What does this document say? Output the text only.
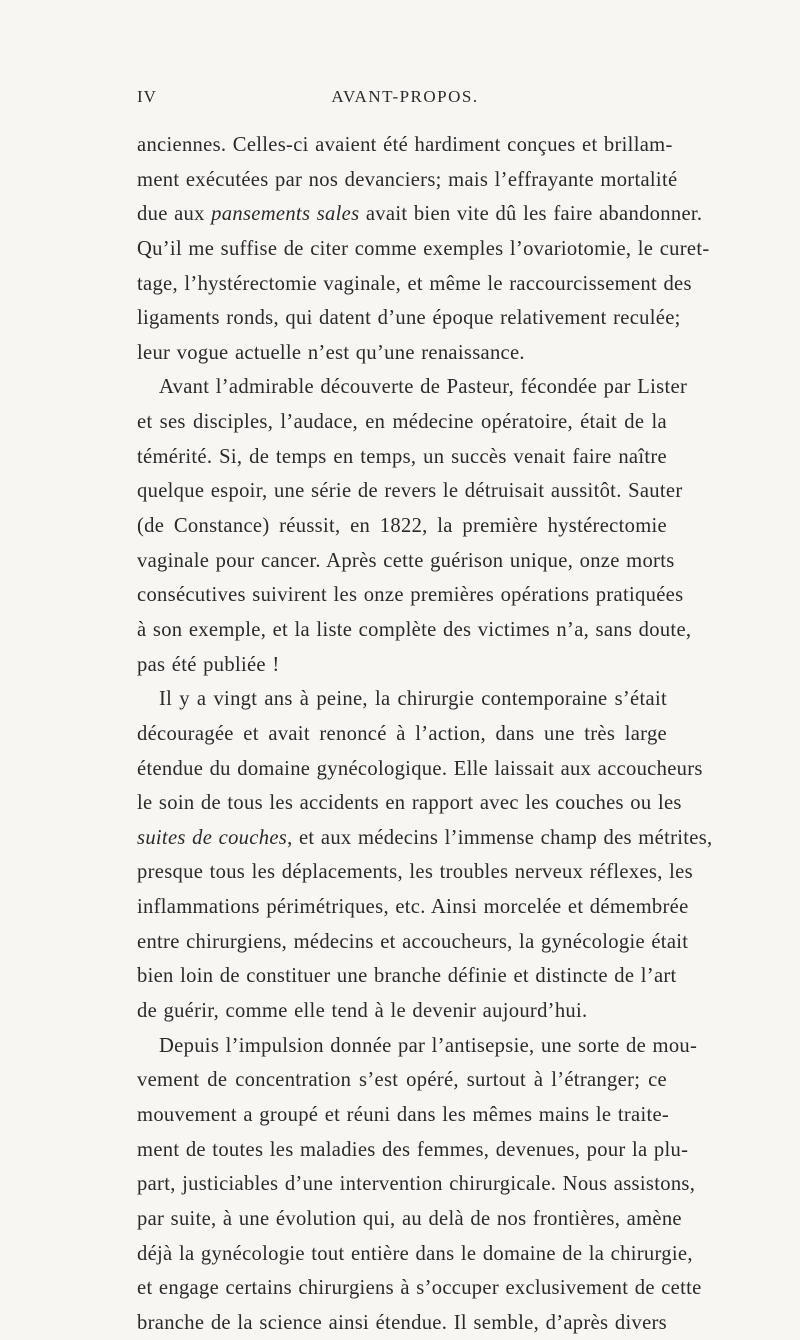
IV	AVANT-PROPOS.
anciennes. Celles-ci avaient été hardiment conçues et brillam-
ment exécutées par nos devanciers; mais l’effrayante mortalité
due aux pansements sales avait bien vite dû les faire abandonner.
Qu’il me suffise de citer comme exemples l’ovariotomie, le curet-
tage, l’hystérectomie vaginale, et même le raccourcissement des
ligaments ronds, qui datent d’une époque relativement reculée;
leur vogue actuelle n’est qu’une renaissance.
Avant l’admirable découverte de Pasteur, fécondée par Lister
et ses disciples, l’audace, en médecine opératoire, était de la
témérité. Si, de temps en temps, un succès venait faire naître
quelque espoir, une série de revers le détruisait aussitôt. Sauter
(de Constance) réussit, en 1822, la première hystérectomie
vaginale pour cancer. Après cette guérison unique, onze morts
consécutives suivirent les onze premières opérations pratiquées
à son exemple, et la liste complète des victimes n’a, sans doute,
pas été publiée !
Il y a vingt ans à peine, la chirurgie contemporaine s’était
découragée et avait renoncé à l’action, dans une très large
étendue du domaine gynécologique. Elle laissait aux accoucheurs
le soin de tous les accidents en rapport avec les couches ou les
suites de couches, et aux médecins l’immense champ des métrites,
presque tous les déplacements, les troubles nerveux réflexes, les
inflammations périmétriques, etc. Ainsi morcelée et démembrée
entre chirurgiens, médecins et accoucheurs, la gynécologie était
bien loin de constituer une branche définie et distincte de l’art
de guérir, comme elle tend à le devenir aujourd’hui.
Depuis l’impulsion donnée par l’antisepsie, une sorte de mou-
vement de concentration s’est opéré, surtout à l’étranger; ce
mouvement a groupé et réuni dans les mêmes mains le traite-
ment de toutes les maladies des femmes, devenues, pour la plu-
part, justiciables d’une intervention chirurgicale. Nous assistons,
par suite, à une évolution qui, au delà de nos frontières, amène
déjà la gynécologie tout entière dans le domaine de la chirurgie,
et engage certains chirurgiens à s’occuper exclusivement de cette
branche de la science ainsi étendue. Il semble, d’après divers
